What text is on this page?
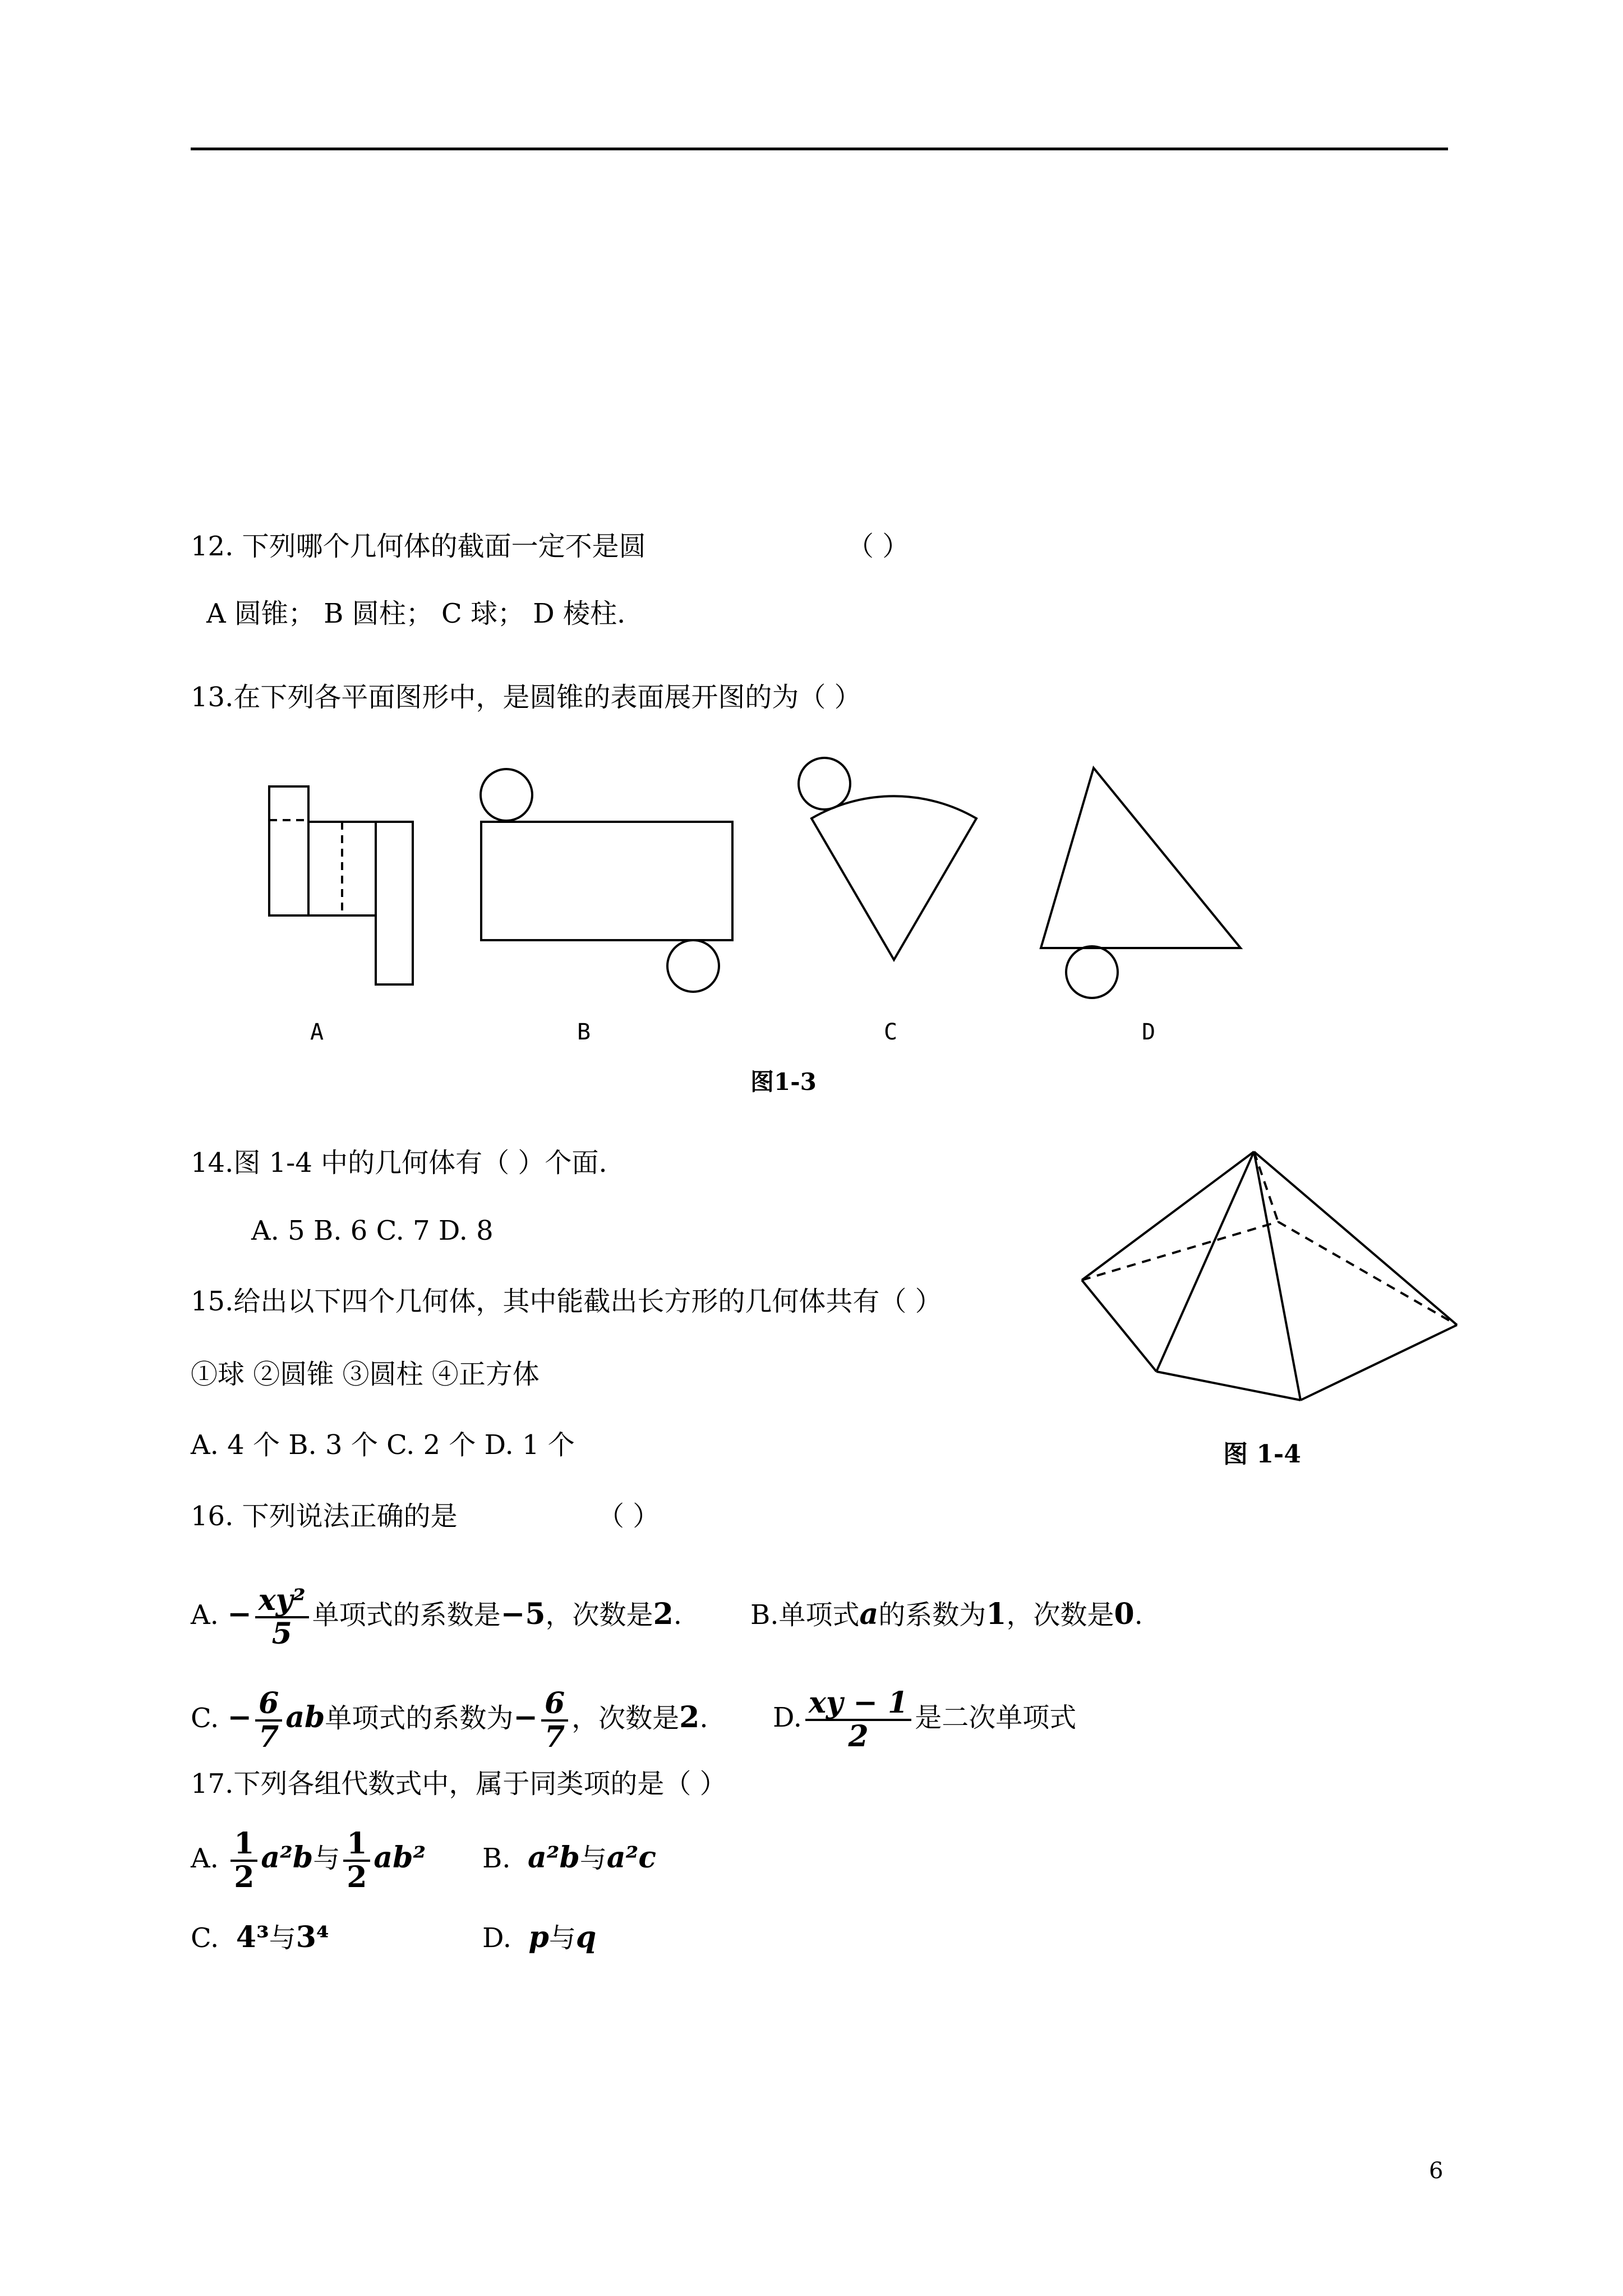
12. 下列哪个几何体的截面一定不是圆	（ ）
A 圆锥； B 圆柱； C 球； D 棱柱.
13.在下列各平面图形中，是圆锥的表面展开图的为（ ）
A	B	C	D
图1-3
14.图 1-4 中的几何体有（ ）个面.
A. 5 B. 6 C. 7 D. 8
图 1-4
15.给出以下四个几何体，其中能截出长方形的几何体共有（ ）
①球 ②圆锥 ③圆柱 ④正方体
A. 4 个 B. 3 个 C. 2 个 D. 1 个
16. 下列说法正确的是	（ ）
A. − $\frac{\text{xy²}}{5}$ 单项式的系数是−5，次数是2.	B.单项式a的系数为1，次数是0.
C. − $\frac{6}{7}$ ab单项式的系数为− $\frac{6}{7}$ ，次数是2. D. $\frac{xy - 1}{2}$ 是二次单项式
17.下列各组代数式中，属于同类项的是（ ）
A. $\frac{1}{2} a^2b$与 $\frac{1}{2} ab^2$ B. a²b与a²c
C. 4³与3⁴	D. p与q
6
